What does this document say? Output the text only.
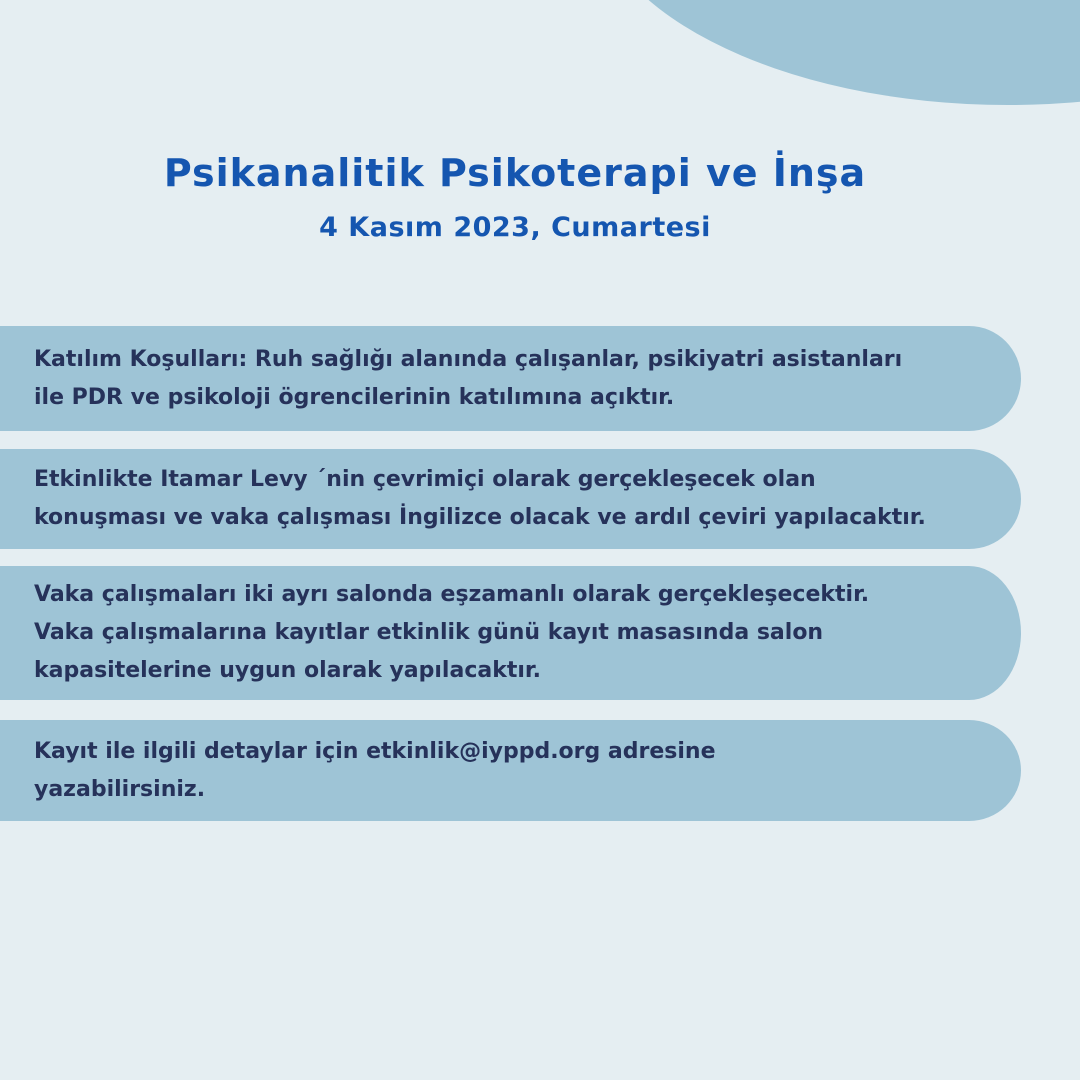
Psikanalitik Psikoterapi ve İnşa
4 Kasım 2023, Cumartesi

Katılım Koşulları: Ruh sağlığı alanında çalışanlar, psikiyatri asistanları
ile PDR ve psikoloji ögrencilerinin katılımına açıktır.

Etkinlikte Itamar Levy ´nin çevrimiçi olarak gerçekleşecek olan
konuşması ve vaka çalışması İngilizce olacak ve ardıl çeviri yapılacaktır.

Vaka çalışmaları iki ayrı salonda eşzamanlı olarak gerçekleşecektir.
Vaka çalışmalarına kayıtlar etkinlik günü kayıt masasında salon
kapasitelerine uygun olarak yapılacaktır.

Kayıt ile ilgili detaylar için etkinlik@iyppd.org adresine
yazabilirsiniz.
